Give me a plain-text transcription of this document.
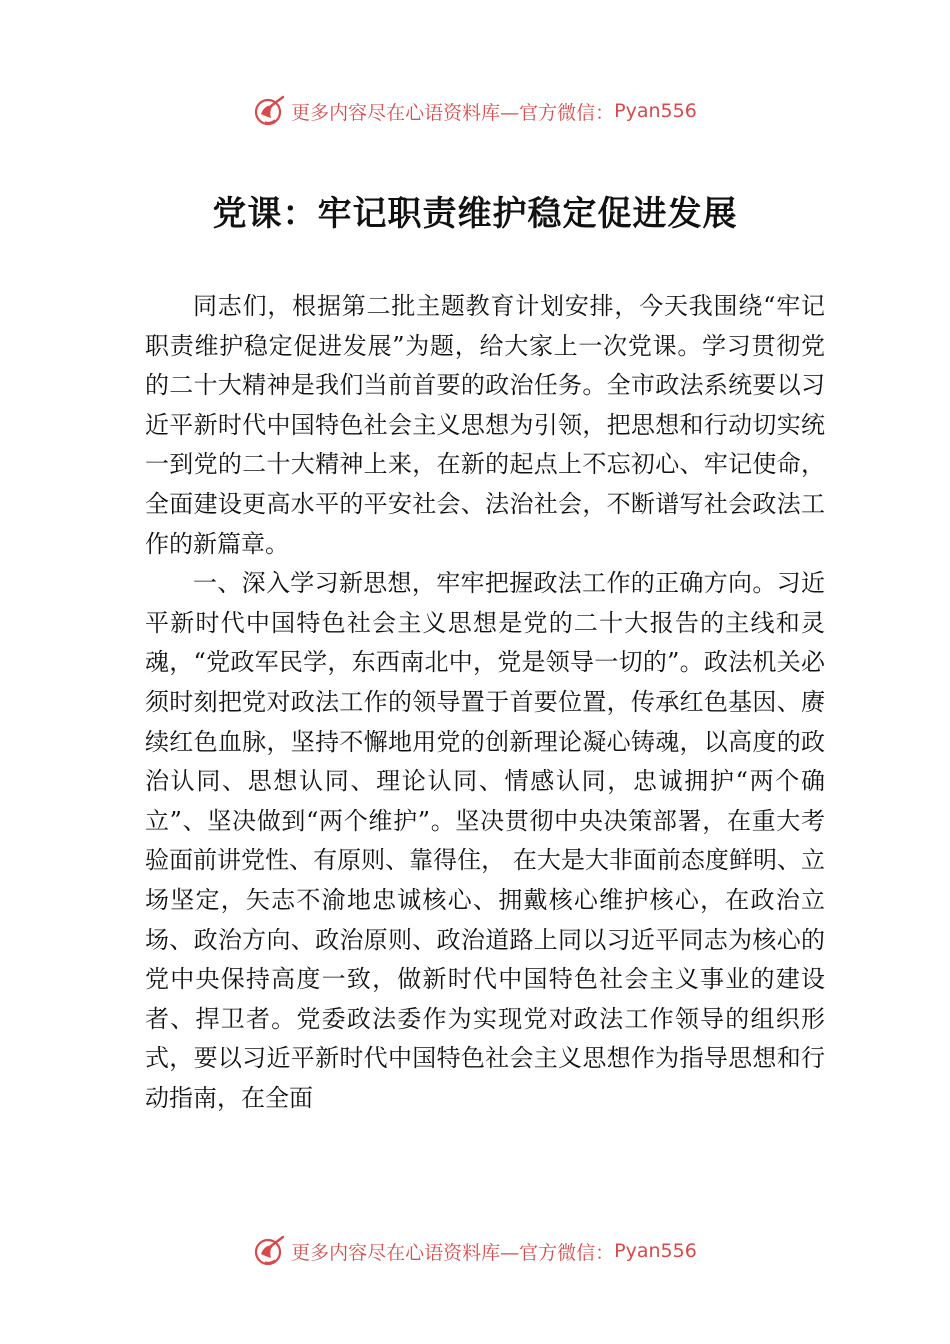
更多内容尽在心语资料库—官方微信： Pyan556
党课：牢记职责维护稳定促进发展

同志们，根据第二批主题教育计划安排，今天我围绕“牢记职责维护稳定促进发展”为题，给大家上一次党课。学习贯彻党的二十大精神是我们当前首要的政治任务。全市政法系统要以习近平新时代中国特色社会主义思想为引领，把思想和行动切实统一到党的二十大精神上来，在新的起点上不忘初心、牢记使命，全面建设更高水平的平安社会、法治社会，不断谱写社会政法工作的新篇章。

一、深入学习新思想，牢牢把握政法工作的正确方向。习近平新时代中国特色社会主义思想是党的二十大报告的主线和灵魂，“党政军民学，东西南北中，党是领导一切的”。政法机关必须时刻把党对政法工作的领导置于首要位置，传承红色基因、赓续红色血脉，坚持不懈地用党的创新理论凝心铸魂，以高度的政治认同、思想认同、理论认同、情感认同，忠诚拥护“两个确立”、坚决做到“两个维护”。坚决贯彻中央决策部署，在重大考验面前讲党性、有原则、靠得住， 在大是大非面前态度鲜明、立场坚定，矢志不渝地忠诚核心、拥戴核心维护核心，在政治立场、政治方向、政治原则、政治道路上同以习近平同志为核心的党中央保持高度一致，做新时代中国特色社会主义事业的建设者、捍卫者。党委政法委作为实现党对政法工作领导的组织形式，要以习近平新时代中国特色社会主义思想作为指导思想和行动指南，在全面

更多内容尽在心语资料库—官方微信： Pyan556
